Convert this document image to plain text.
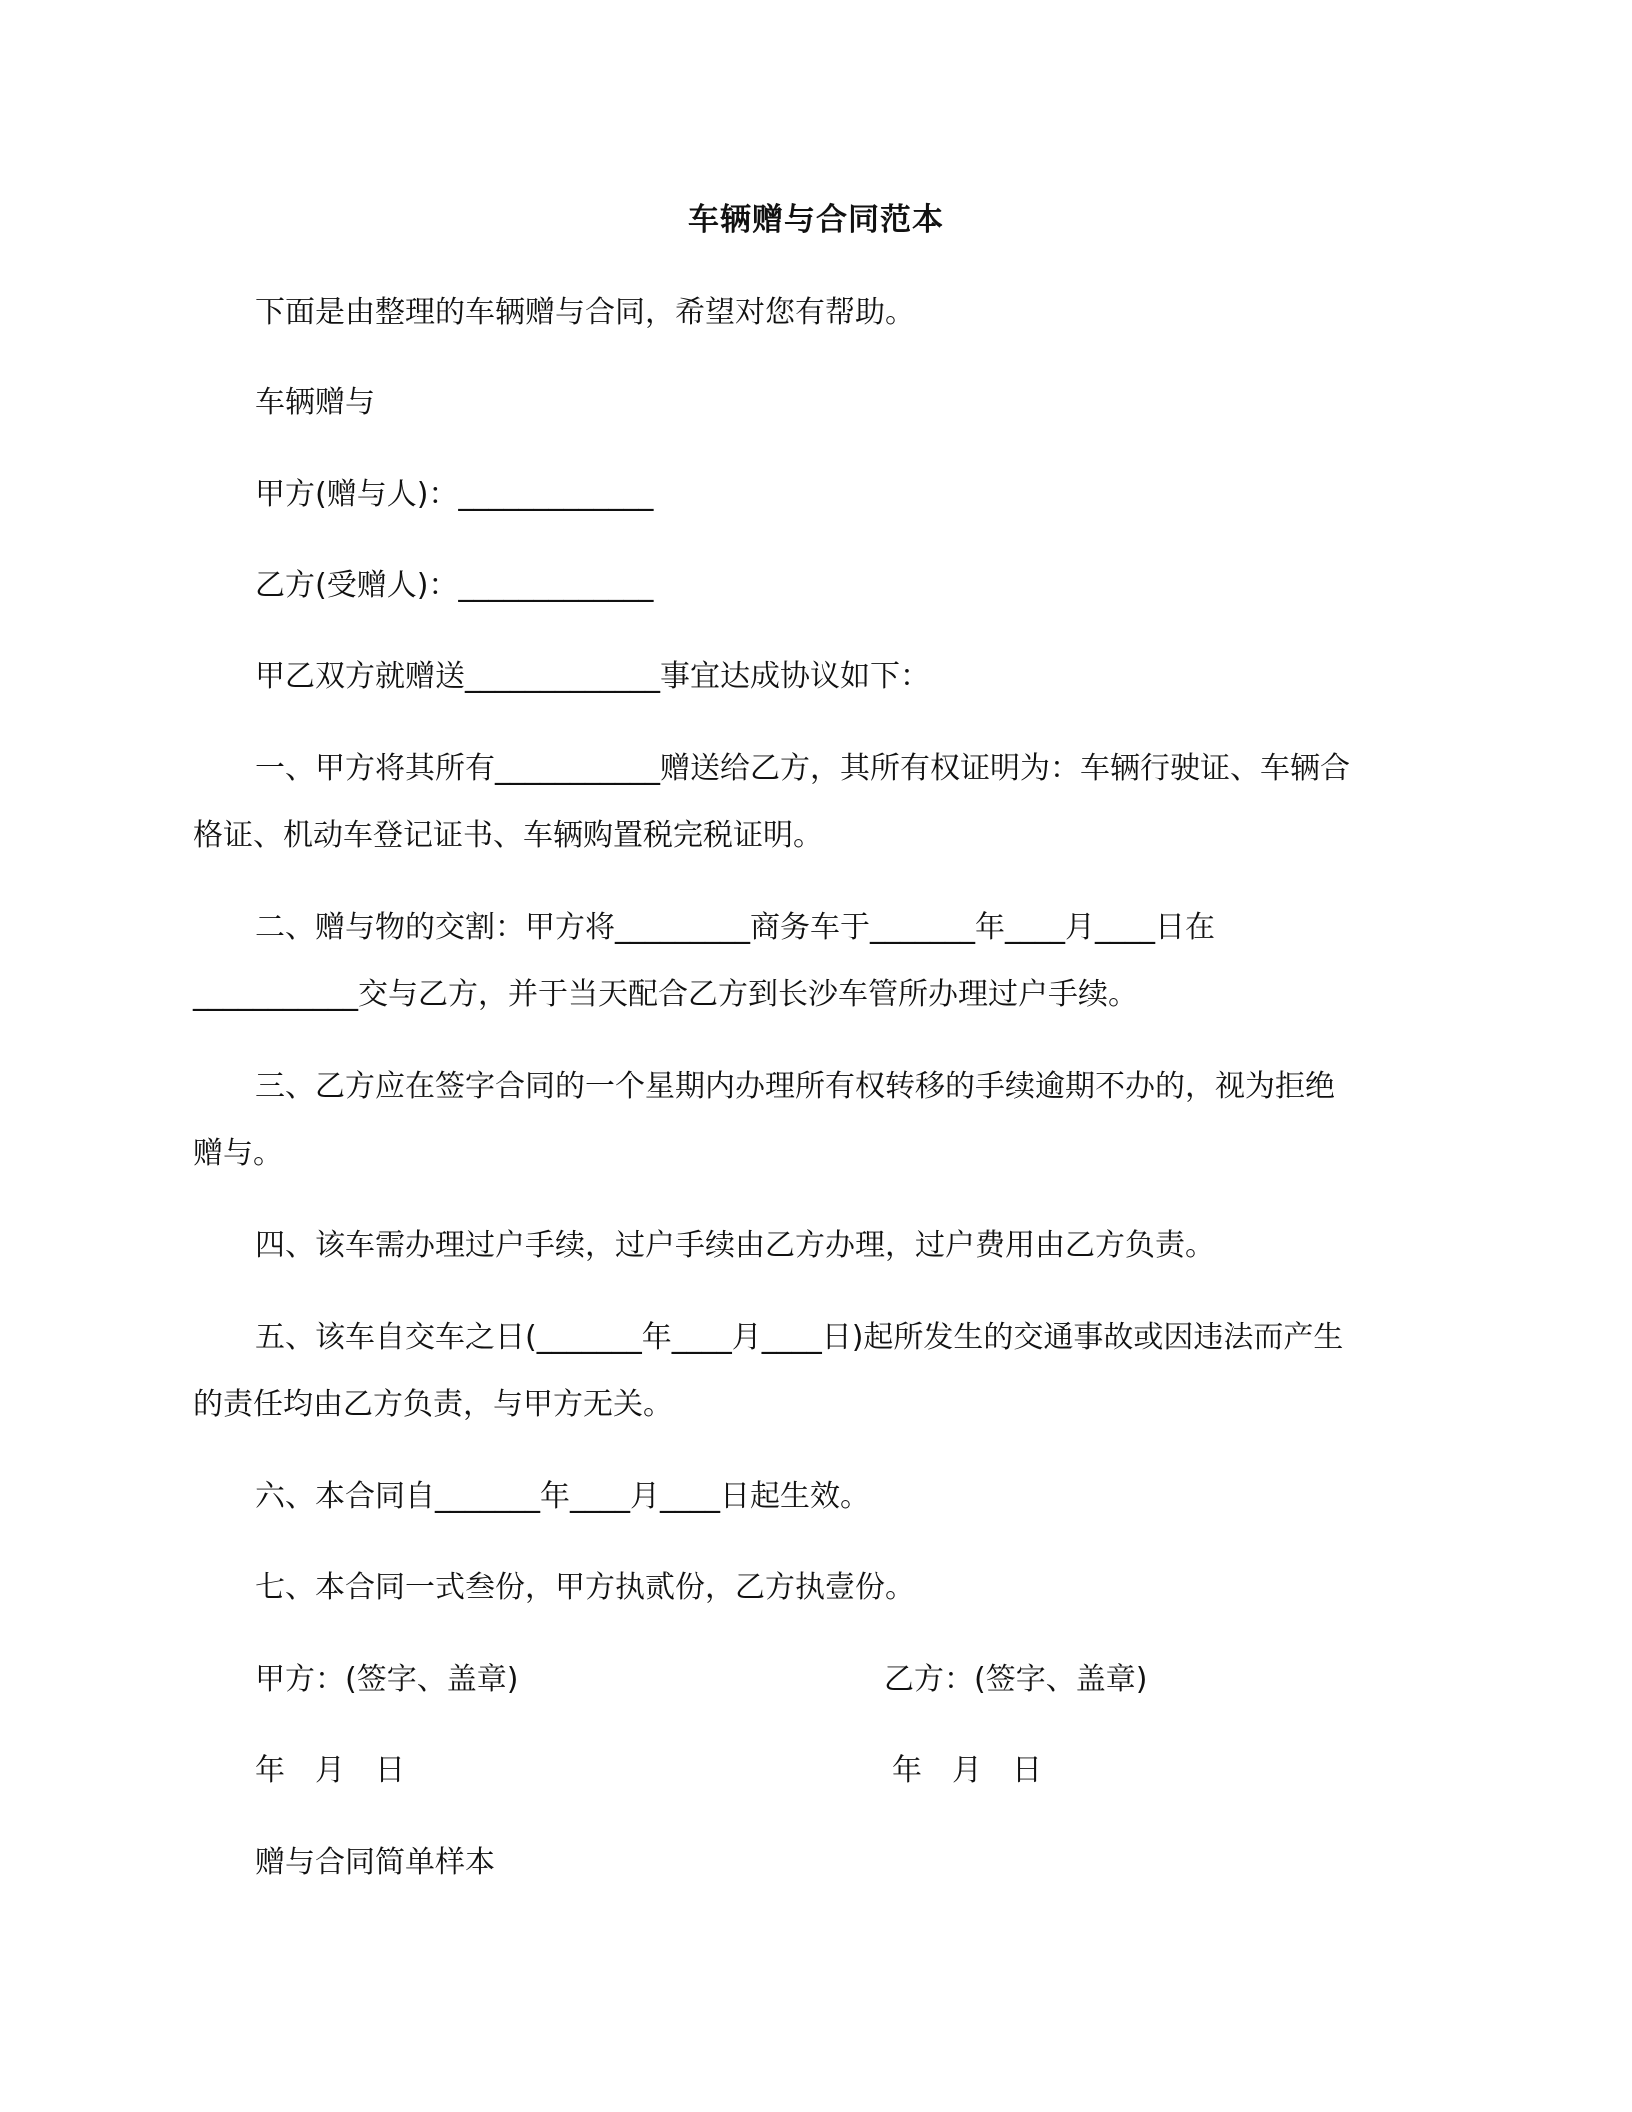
车辆赠与合同范本
下面是由整理的车辆赠与合同，希望对您有帮助。
车辆赠与
甲方(赠与人)：_____________
乙方(受赠人)：_____________
甲乙双方就赠送_____________事宜达成协议如下：
一、甲方将其所有___________赠送给乙方，其所有权证明为：车辆行驶证、车辆合
格证、机动车登记证书、车辆购置税完税证明。
二、赠与物的交割：甲方将_________商务车于_______年____月____日在
___________交与乙方，并于当天配合乙方到长沙车管所办理过户手续。
三、乙方应在签字合同的一个星期内办理所有权转移的手续逾期不办的，视为拒绝
赠与。
四、该车需办理过户手续，过户手续由乙方办理，过户费用由乙方负责。
五、该车自交车之日(_______年____月____日)起所发生的交通事故或因违法而产生
的责任均由乙方负责，与甲方无关。
六、本合同自_______年____月____日起生效。
七、本合同一式叁份，甲方执贰份，乙方执壹份。
甲方：(签字、盖章)	乙方：(签字、盖章)
年　月　日	年　月　日
赠与合同简单样本
